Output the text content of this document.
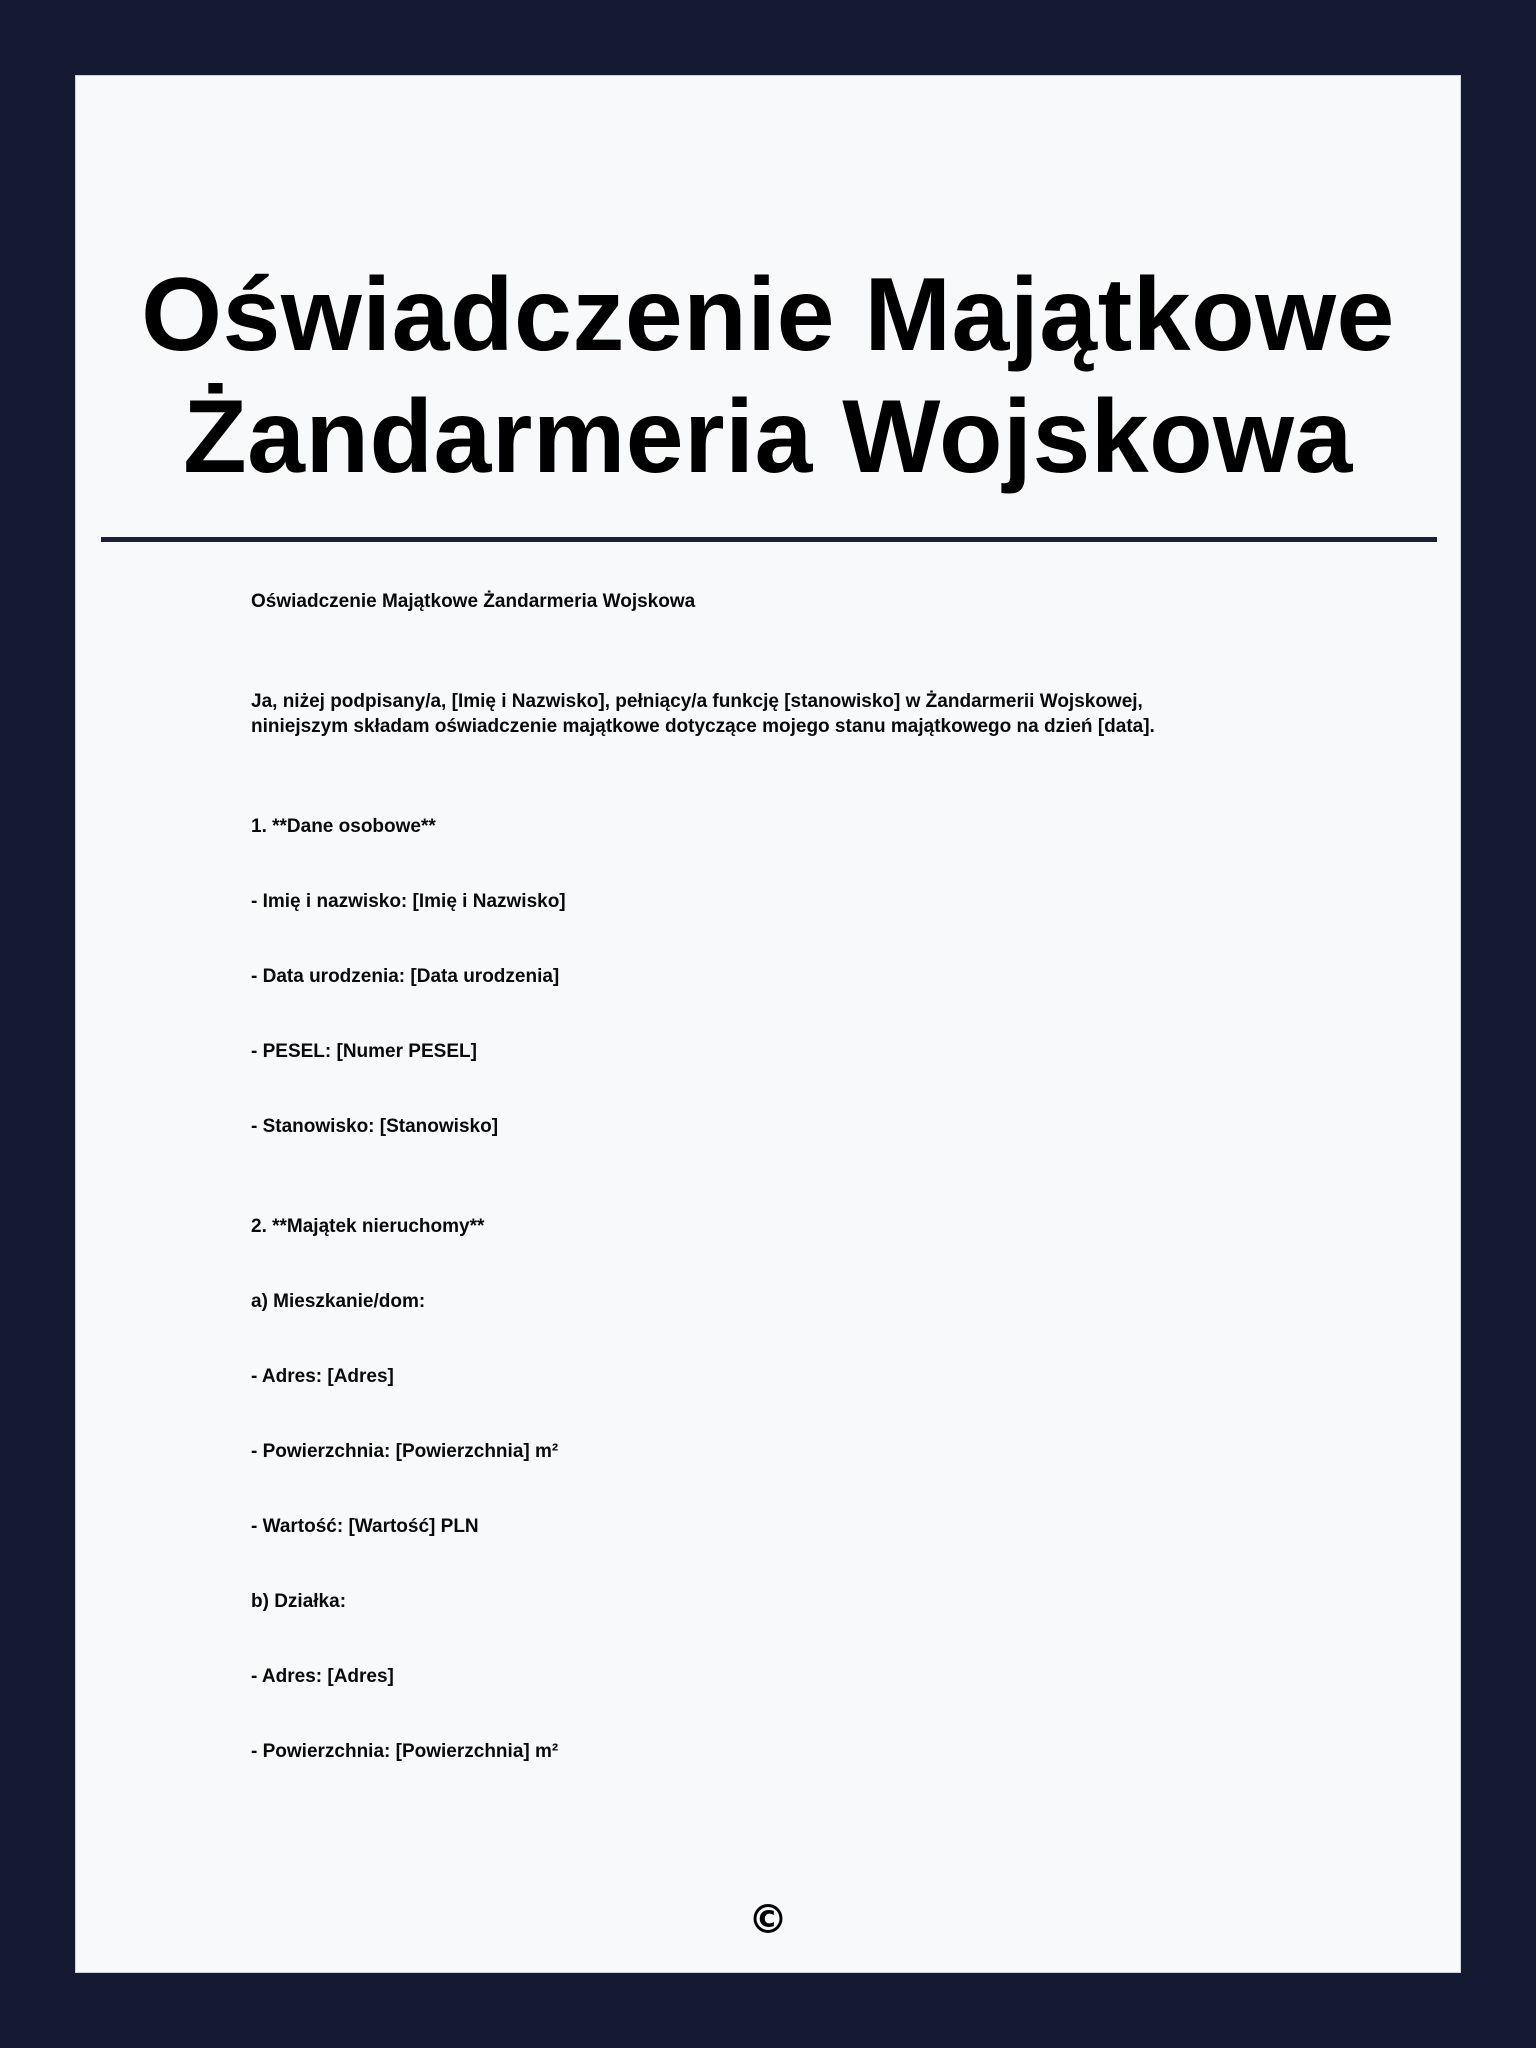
Oświadczenie Majątkowe
Żandarmeria Wojskowa

Oświadczenie Majątkowe Żandarmeria Wojskowa

Ja, niżej podpisany/a, [Imię i Nazwisko], pełniący/a funkcję [stanowisko] w Żandarmerii Wojskowej,

niniejszym składam oświadczenie majątkowe dotyczące mojego stanu majątkowego na dzień [data].

1. **Dane osobowe**

- Imię i nazwisko: [Imię i Nazwisko]

- Data urodzenia: [Data urodzenia]

- PESEL: [Numer PESEL]

- Stanowisko: [Stanowisko]

2. **Majątek nieruchomy**

a) Mieszkanie/dom:

- Adres: [Adres]

- Powierzchnia: [Powierzchnia] m²

- Wartość: [Wartość] PLN

b) Działka:

- Adres: [Adres]

- Powierzchnia: [Powierzchnia] m²

©
